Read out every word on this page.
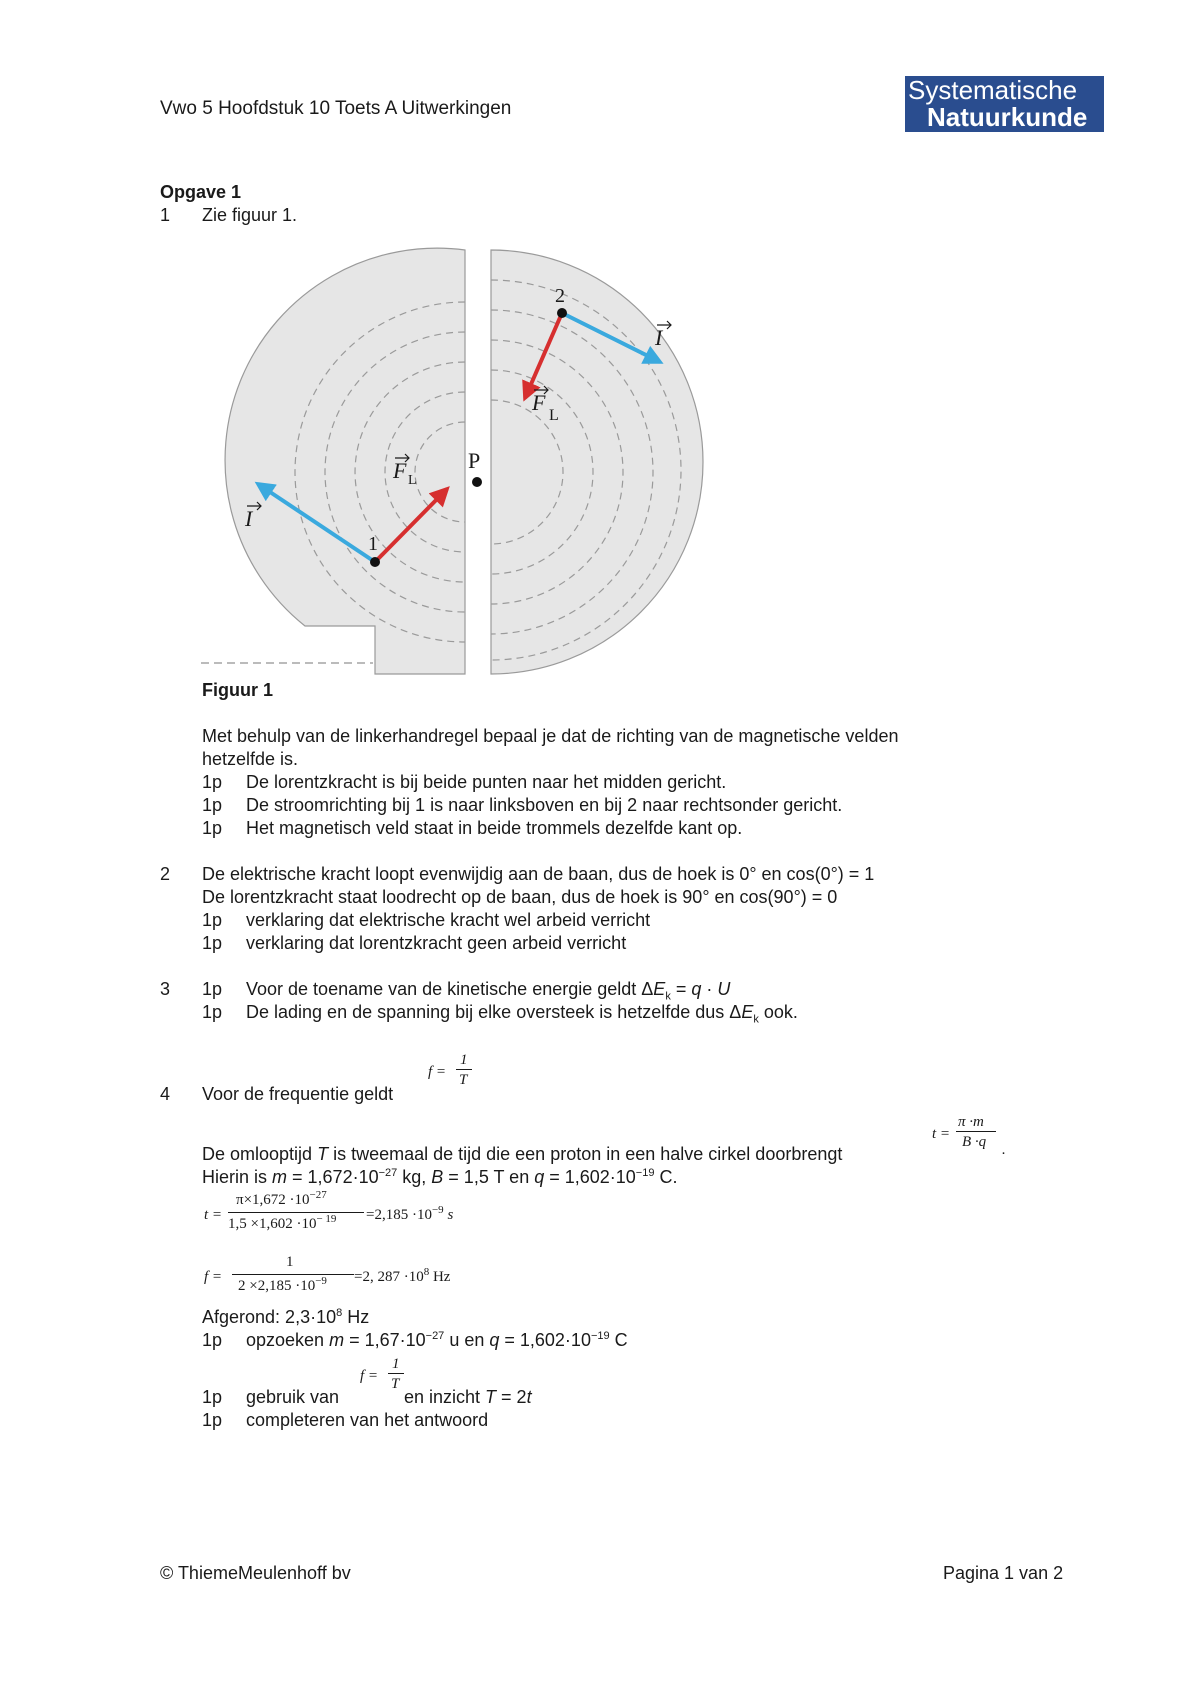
Vwo 5 Hoofdstuk 10 Toets A Uitwerkingen
Systematische
Natuurkunde
Opgave 1
1 Zie figuur 1.
P
1
2
I
I
F L
F
L
Figuur 1
Met behulp van de linkerhandregel bepaal je dat de richting van de magnetische velden
hetzelfde is.
1p De lorentzkracht is bij beide punten naar het midden gericht.
1p De stroomrichting bij 1 is naar linksboven en bij 2 naar rechtsonder gericht.
1p Het magnetisch veld staat in beide trommels dezelfde kant op.
2 De elektrische kracht loopt evenwijdig aan de baan, dus de hoek is 0° en cos(0°) = 1
De lorentzkracht staat loodrecht op de baan, dus de hoek is 90° en cos(90°) = 0
1p verklaring dat elektrische kracht wel arbeid verricht
1p verklaring dat lorentzkracht geen arbeid verricht
3 1p Voor de toename van de kinetische energie geldt $\Delta E_k = q \cdot U$
1p De lading en de spanning bij elke oversteek is hetzelfde dus $\Delta E_k$ ook.
4 Voor de frequentie geldt
f =
1
T
De omlooptijd T is tweemaal de tijd die een proton in een halve cirkel doorbrengt
t =
π ·m
B ·q .
Hierin is $m = 1,672\cdot 10^{-27}$ kg, B = 1,5 T en $q = 1,602\cdot 10^{-19}$ C.
t =
$\pi\times 1,672 \cdot 10^{-27}$
$1,5 \times 1,602 \cdot 10^{- 19} =2,185 \cdot 10^{-9}$ s
f =
1
$2 \times 2,185 \cdot 10^{-9} =2$, $287 \cdot 10^8$ Hz
Afgerond: $2,3\cdot 10^8$ Hz
1p opzoeken $m = 1,67\cdot 10^{-27}$ u en $q = 1,602\cdot 10^{-19}$ C
1p gebruik van
f =
1
T
en inzicht T = 2t
1p completeren van het antwoord
© ThiemeMeulenhoff bv	Pagina 1 van 2
